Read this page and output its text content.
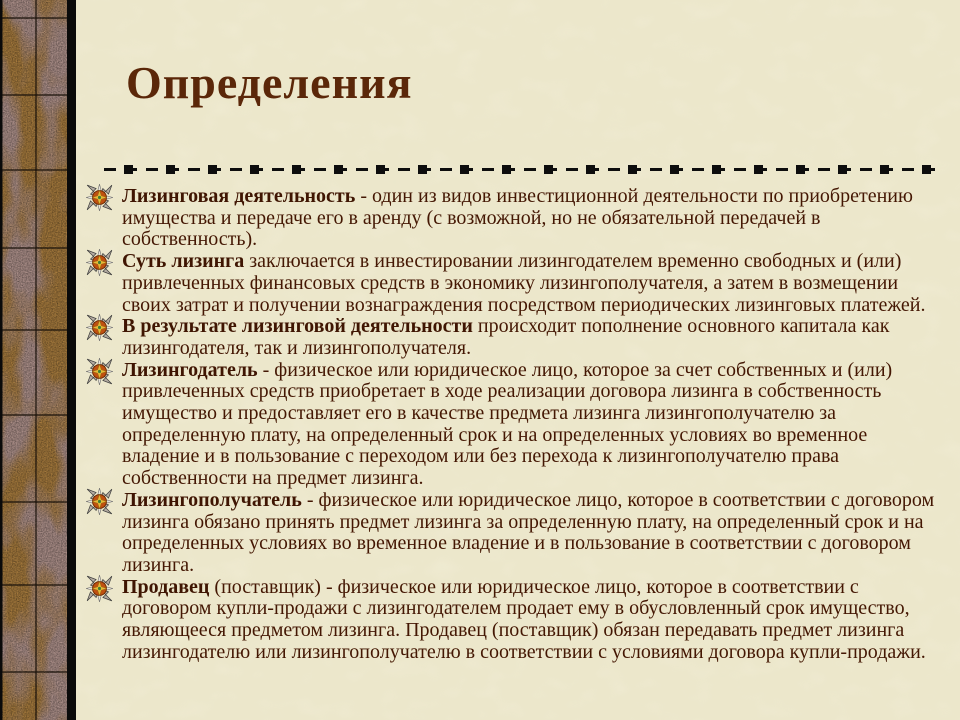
Определения
Лизинговая деятельность - один из видов инвестиционной деятельности по приобретению имущества и передаче его в аренду (с возможной, но не обязательной передачей в собственность).
Суть лизинга заключается в инвестировании лизингодателем временно свободных и (или) привлеченных финансовых средств в экономику лизингополучателя, а затем в возмещении своих затрат и получении вознаграждения посредством периодических лизинговых платежей.
В результате лизинговой деятельности происходит пополнение основного капитала как лизингодателя, так и лизингополучателя.
Лизингодатель - физическое или юридическое лицо, которое за счет собственных и (или) привлеченных средств приобретает в ходе реализации договора лизинга в собственность имущество и предоставляет его в качестве предмета лизинга лизингополучателю за определенную плату, на определенный срок и на определенных условиях во временное владение и в пользование с переходом или без перехода к лизингополучателю права собственности на предмет лизинга.
Лизингополучатель - физическое или юридическое лицо, которое в соответствии с договором лизинга обязано принять предмет лизинга за определенную плату, на определенный срок и на определенных условиях во временное владение и в пользование в соответствии с договором лизинга.
Продавец (поставщик) - физическое или юридическое лицо, которое в соответствии с договором купли-продажи с лизингодателем продает ему в обусловленный срок имущество, являющееся предметом лизинга. Продавец (поставщик) обязан передавать предмет лизинга лизингодателю или лизингополучателю в соответствии с условиями договора купли-продажи.
